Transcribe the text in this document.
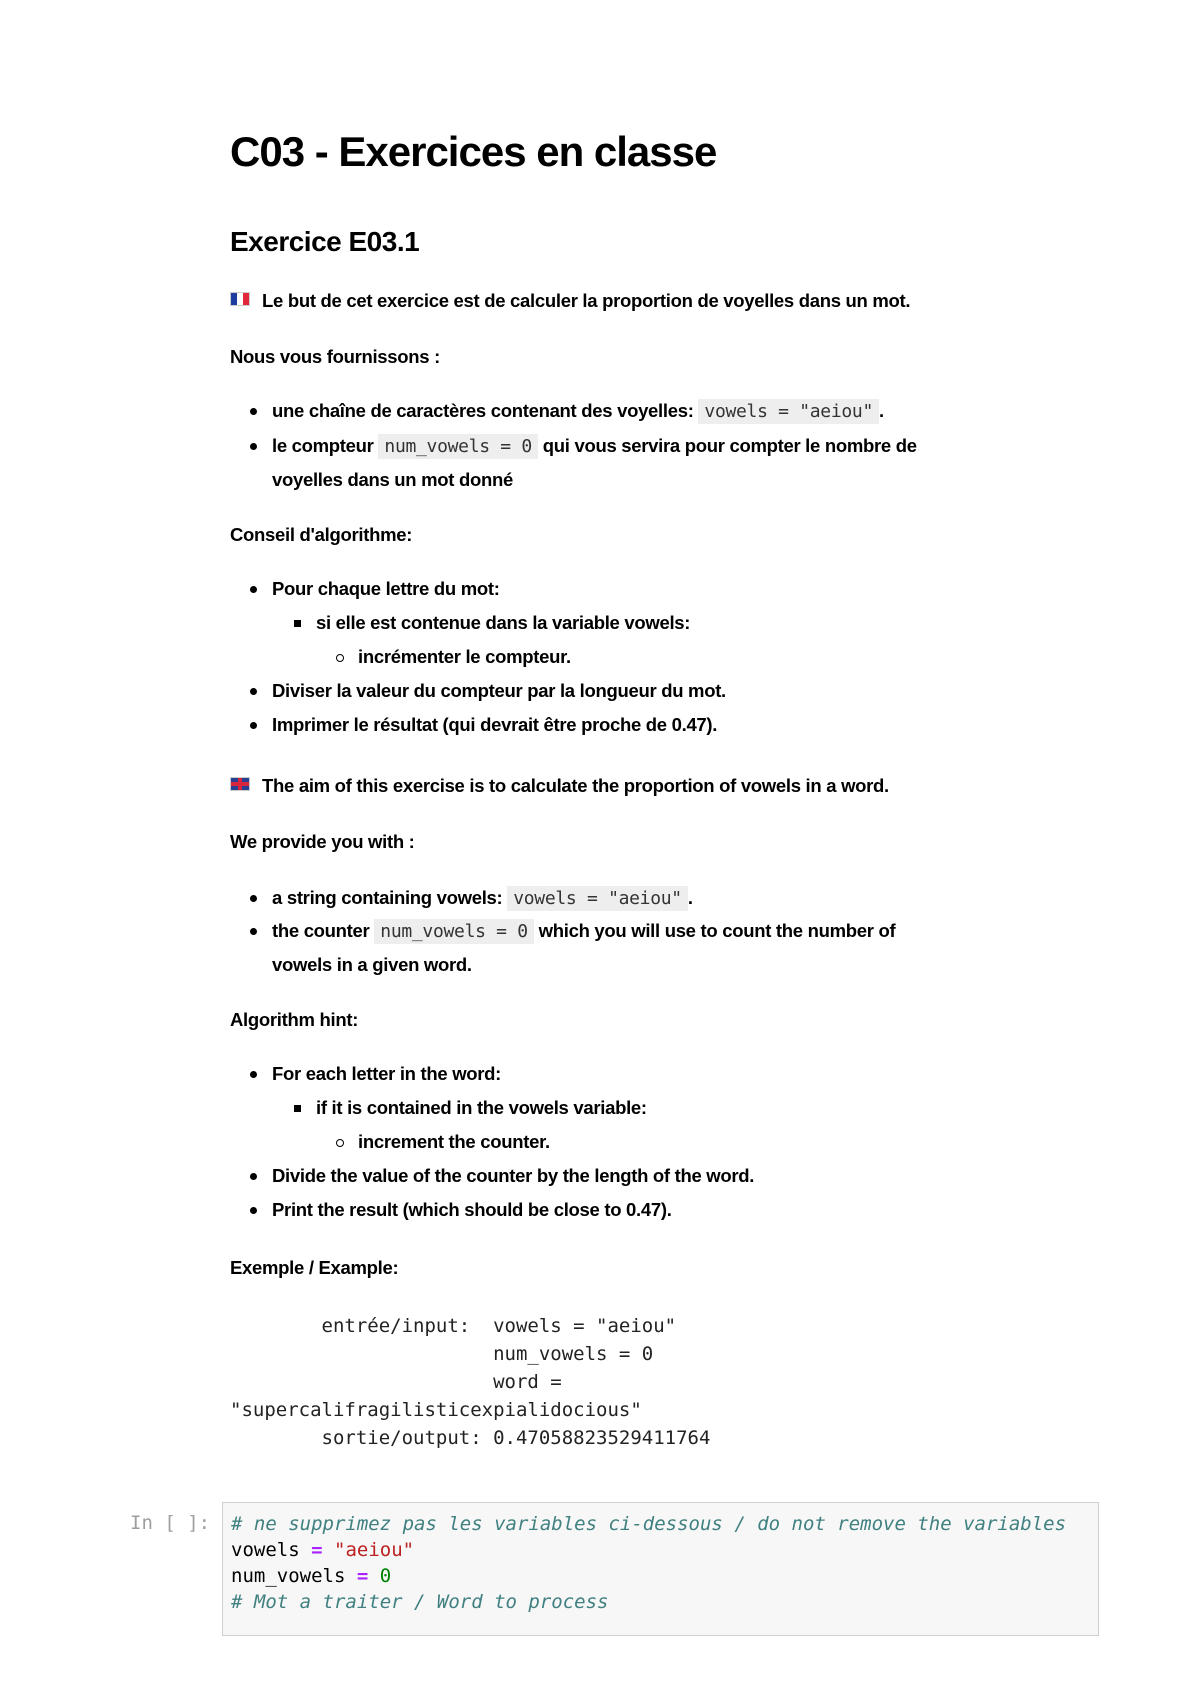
C03 - Exercices en classe
Exercice E03.1

Le but de cet exercice est de calculer la proportion de voyelles dans un mot.

Nous vous fournissons :

une chaîne de caractères contenant des voyelles: vowels = "aeiou" .
le compteur num_vowels = 0 qui vous servira pour compter le nombre de
voyelles dans un mot donné

Conseil d'algorithme:

Pour chaque lettre du mot:
si elle est contenue dans la variable vowels:
incrémenter le compteur.
Diviser la valeur du compteur par la longueur du mot.
Imprimer le résultat (qui devrait être proche de 0.47).

The aim of this exercise is to calculate the proportion of vowels in a word.

We provide you with :

a string containing vowels: vowels = "aeiou" .
the counter num_vowels = 0 which you will use to count the number of
vowels in a given word.

Algorithm hint:

For each letter in the word:
if it is contained in the vowels variable:
increment the counter.
Divide the value of the counter by the length of the word.
Print the result (which should be close to 0.47).

Exemple / Example:

entrée/input:  vowels = "aeiou"
num_vowels = 0
word =
"supercalifragilisticexpialidocious"
sortie/output: 0.47058823529411764
In [ ]: # ne supprimez pas les variables ci-dessous / do not remove the variables
vowels = "aeiou"
num_vowels = 0
# Mot a traiter / Word to process
